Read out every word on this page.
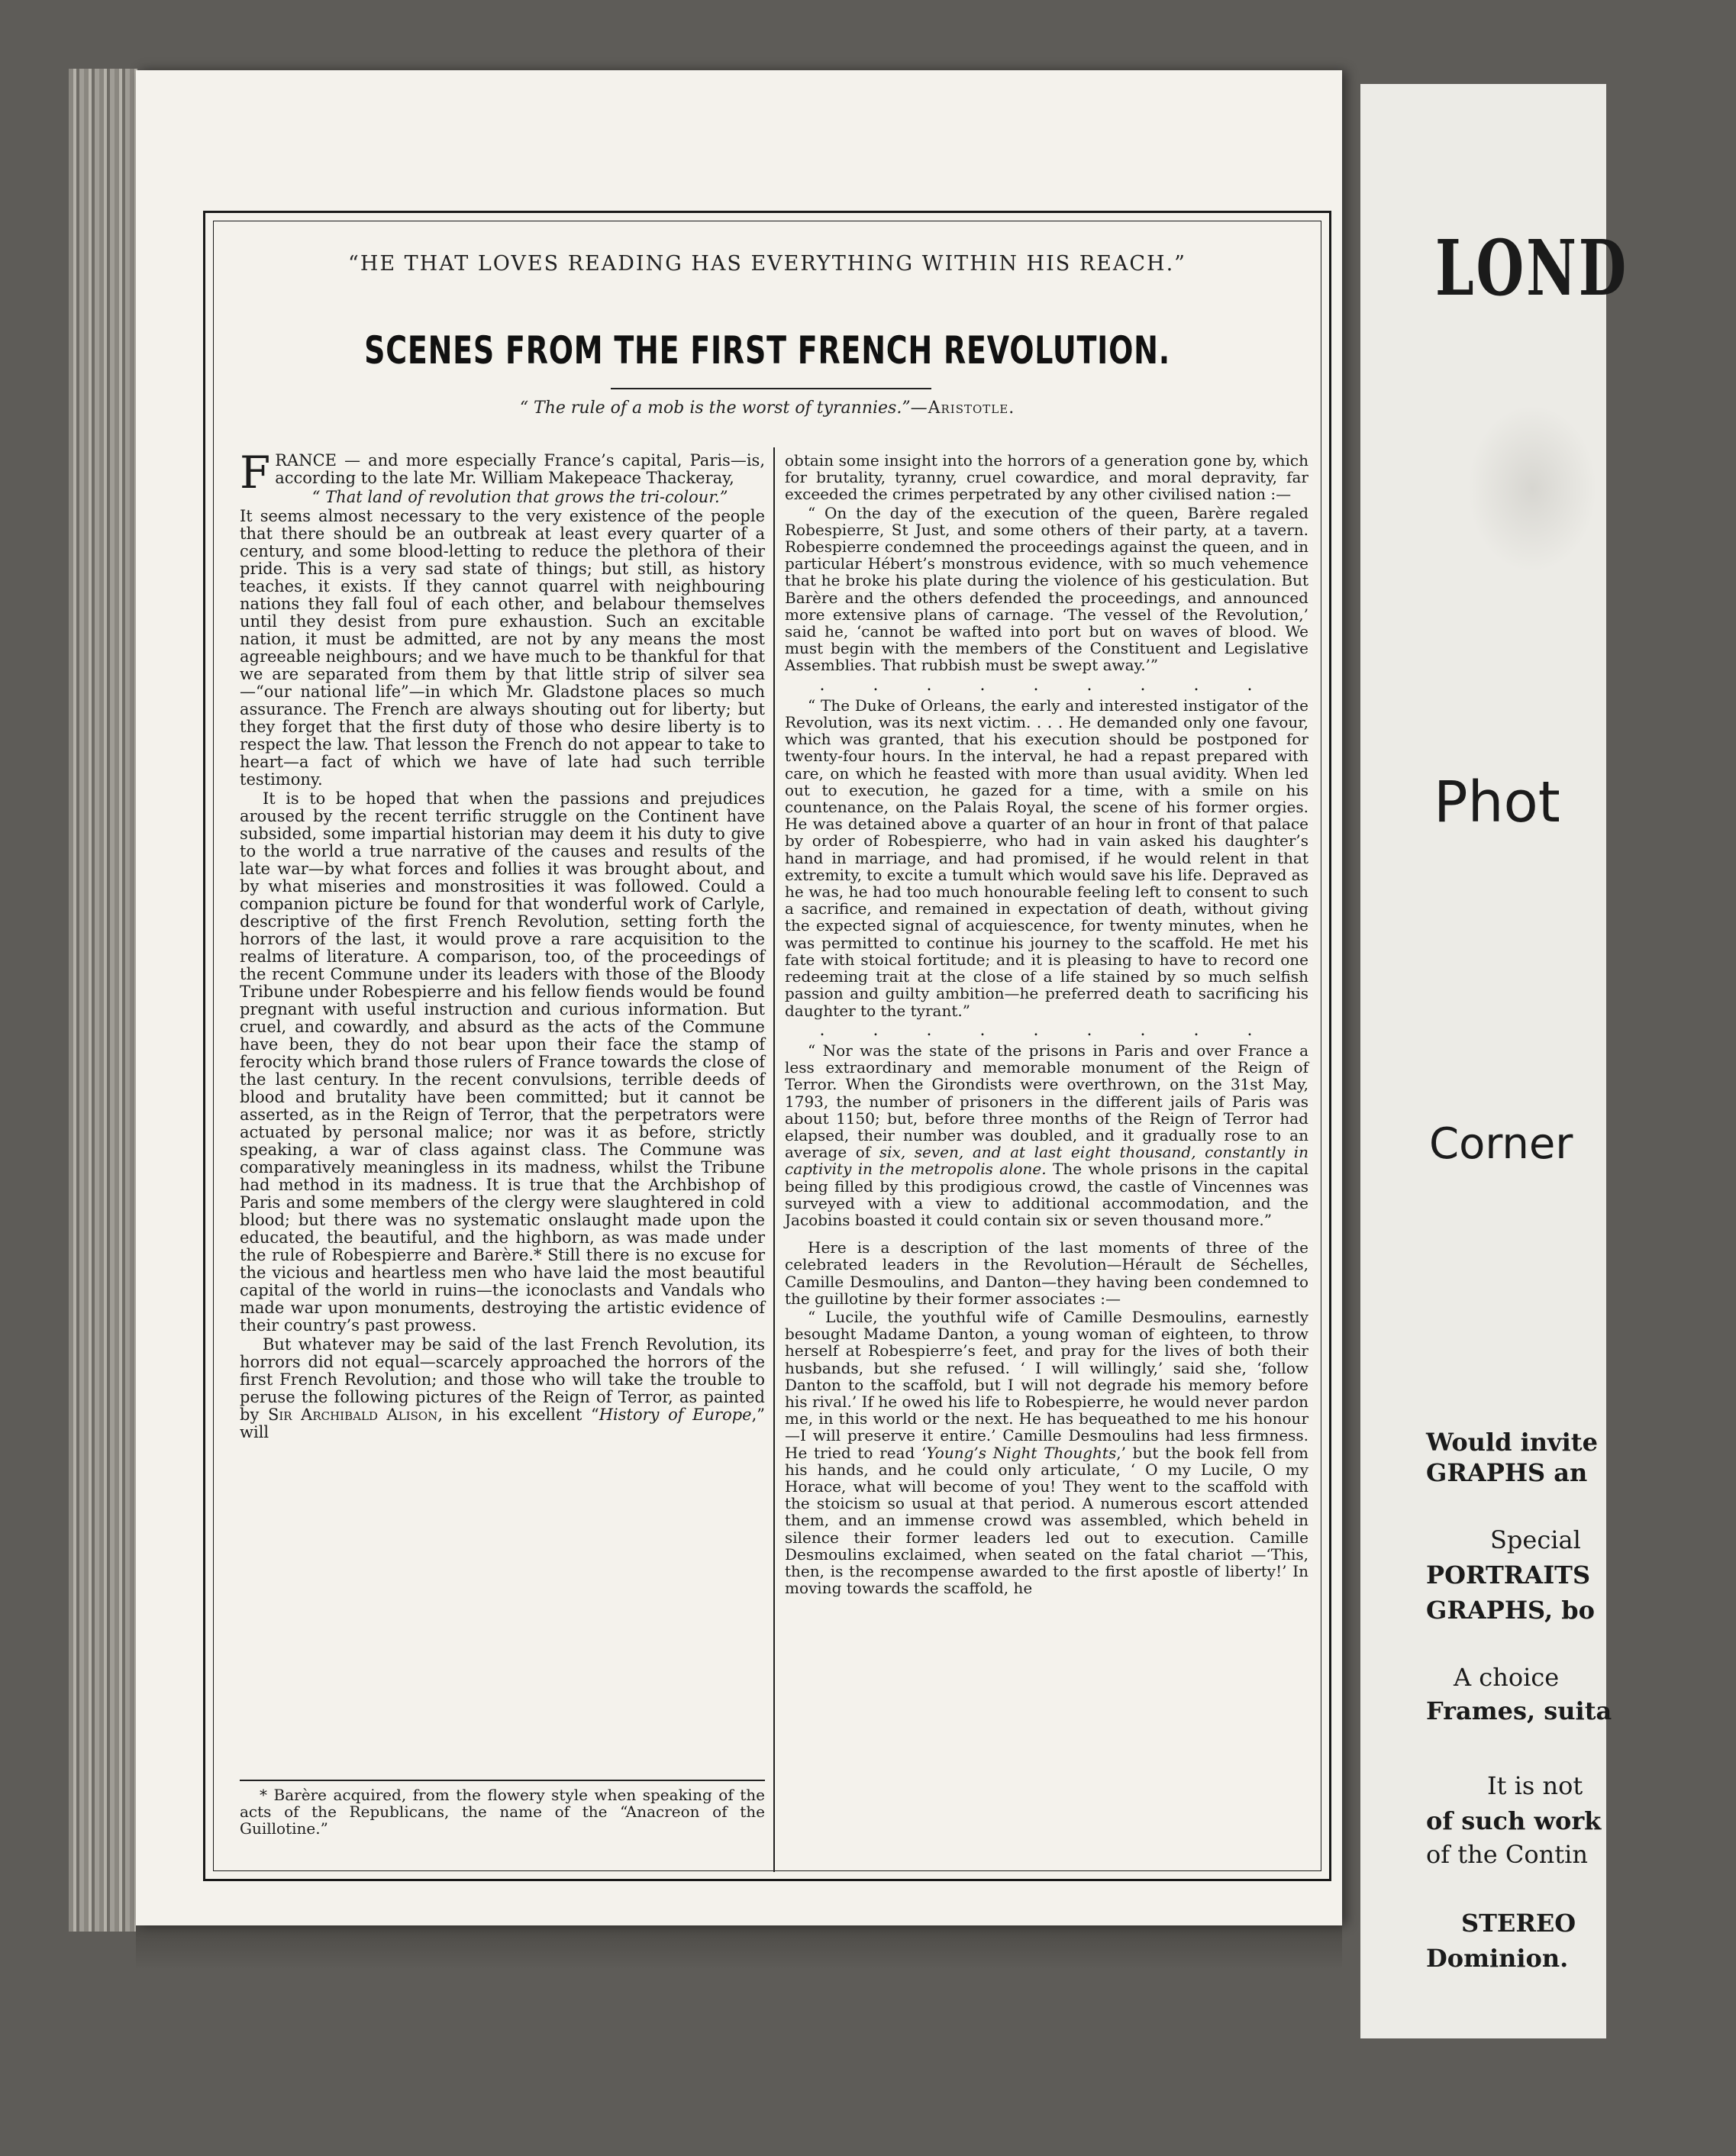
“HE THAT LOVES READING HAS EVERYTHING WITHIN HIS REACH.”
SCENES FROM THE FIRST FRENCH REVOLUTION.
“ The rule of a mob is the worst of tyrannies.”—Aristotle.

FRANCE — and more especially France’s capital, Paris—is, according to the late Mr. William Makepeace Thackeray,

“ That land of revolution that grows the tri-colour.”

It seems almost necessary to the very existence of the people that there should be an outbreak at least every quarter of a century, and some blood-letting to reduce the plethora of their pride. This is a very sad state of things; but still, as history teaches, it exists. If they cannot quarrel with neighbouring nations they fall foul of each other, and belabour themselves until they desist from pure exhaustion. Such an excitable nation, it must be admitted, are not by any means the most agreeable neighbours; and we have much to be thankful for that we are separated from them by that little strip of silver sea—“our national life”—in which Mr. Gladstone places so much assurance. The French are always shouting out for liberty; but they forget that the first duty of those who desire liberty is to respect the law. That lesson the French do not appear to take to heart—a fact of which we have of late had such terrible testimony.

It is to be hoped that when the passions and prejudices aroused by the recent terrific struggle on the Continent have subsided, some impartial historian may deem it his duty to give to the world a true narrative of the causes and results of the late war—by what forces and follies it was brought about, and by what miseries and monstrosities it was followed. Could a companion picture be found for that wonderful work of Carlyle, descriptive of the first French Revolution, setting forth the horrors of the last, it would prove a rare acquisition to the realms of literature. A comparison, too, of the proceedings of the recent Commune under its leaders with those of the Bloody Tribune under Robespierre and his fellow fiends would be found pregnant with useful instruction and curious information. But cruel, and cowardly, and absurd as the acts of the Commune have been, they do not bear upon their face the stamp of ferocity which brand those rulers of France towards the close of the last century. In the recent convulsions, terrible deeds of blood and brutality have been committed; but it cannot be asserted, as in the Reign of Terror, that the perpetrators were actuated by personal malice; nor was it as before, strictly speaking, a war of class against class. The Commune was comparatively meaningless in its madness, whilst the Tribune had method in its madness. It is true that the Archbishop of Paris and some members of the clergy were slaughtered in cold blood; but there was no systematic onslaught made upon the educated, the beautiful, and the highborn, as was made under the rule of Robespierre and Barère.* Still there is no excuse for the vicious and heartless men who have laid the most beautiful capital of the world in ruins—the iconoclasts and Vandals who made war upon monuments, destroying the artistic evidence of their country’s past prowess.

But whatever may be said of the last French Revolution, its horrors did not equal—scarcely approached the horrors of the first French Revolution; and those who will take the trouble to peruse the following pictures of the Reign of Terror, as painted by Sir Archibald Alison, in his excellent “History of Europe,” will

* Barère acquired, from the flowery style when speaking of the acts of the Republicans, the name of the “Anacreon of the Guillotine.”

obtain some insight into the horrors of a generation gone by, which for brutality, tyranny, cruel cowardice, and moral depravity, far exceeded the crimes perpetrated by any other civilised nation :—

“ On the day of the execution of the queen, Barère regaled Robespierre, St Just, and some others of their party, at a tavern. Robespierre condemned the proceedings against the queen, and in particular Hébert’s monstrous evidence, with so much vehemence that he broke his plate during the violence of his gesticulation. But Barère and the others defended the proceedings, and announced more extensive plans of carnage. ‘The vessel of the Revolution,’ said he, ‘cannot be wafted into port but on waves of blood. We must begin with the members of the Constituent and Legislative Assemblies. That rubbish must be swept away.’”

. . . . . . . . .

“ The Duke of Orleans, the early and interested instigator of the Revolution, was its next victim. . . . He demanded only one favour, which was granted, that his execution should be postponed for twenty-four hours. In the interval, he had a repast prepared with care, on which he feasted with more than usual avidity. When led out to execution, he gazed for a time, with a smile on his countenance, on the Palais Royal, the scene of his former orgies. He was detained above a quarter of an hour in front of that palace by order of Robespierre, who had in vain asked his daughter’s hand in marriage, and had promised, if he would relent in that extremity, to excite a tumult which would save his life. Depraved as he was, he had too much honourable feeling left to consent to such a sacrifice, and remained in expectation of death, without giving the expected signal of acquiescence, for twenty minutes, when he was permitted to continue his journey to the scaffold. He met his fate with stoical fortitude; and it is pleasing to have to record one redeeming trait at the close of a life stained by so much selfish passion and guilty ambition—he preferred death to sacrificing his daughter to the tyrant.”

. . . . . . . . .

“ Nor was the state of the prisons in Paris and over France a less extraordinary and memorable monument of the Reign of Terror. When the Girondists were overthrown, on the 31st May, 1793, the number of prisoners in the different jails of Paris was about 1150; but, before three months of the Reign of Terror had elapsed, their number was doubled, and it gradually rose to an average of six, seven, and at last eight thousand, constantly in captivity in the metropolis alone. The whole prisons in the capital being filled by this prodigious crowd, the castle of Vincennes was surveyed with a view to additional accommodation, and the Jacobins boasted it could contain six or seven thousand more.”

Here is a description of the last moments of three of the celebrated leaders in the Revolution—Hérault de Séchelles, Camille Desmoulins, and Danton—they having been condemned to the guillotine by their former associates :—

“ Lucile, the youthful wife of Camille Desmoulins, earnestly besought Madame Danton, a young woman of eighteen, to throw herself at Robespierre’s feet, and pray for the lives of both their husbands, but she refused. ‘ I will willingly,’ said she, ‘follow Danton to the scaffold, but I will not degrade his memory before his rival.’ If he owed his life to Robespierre, he would never pardon me, in this world or the next. He has bequeathed to me his honour—I will preserve it entire.’ Camille Desmoulins had less firmness. He tried to read ‘Young’s Night Thoughts,’ but the book fell from his hands, and he could only articulate, ‘ O my Lucile, O my Horace, what will become of you! They went to the scaffold with the stoicism so usual at that period. A numerous escort attended them, and an immense crowd was assembled, which beheld in silence their former leaders led out to execution. Camille Desmoulins exclaimed, when seated on the fatal chariot —‘This, then, is the recompense awarded to the first apostle of liberty!’ In moving towards the scaffold, he

LOND
Phot
Corner
Would invite
GRAPHS an
Special
PORTRAITS
GRAPHS, bo
A choice
Frames, suita
It is not
of such work
of the Contin
STEREO
Dominion.
